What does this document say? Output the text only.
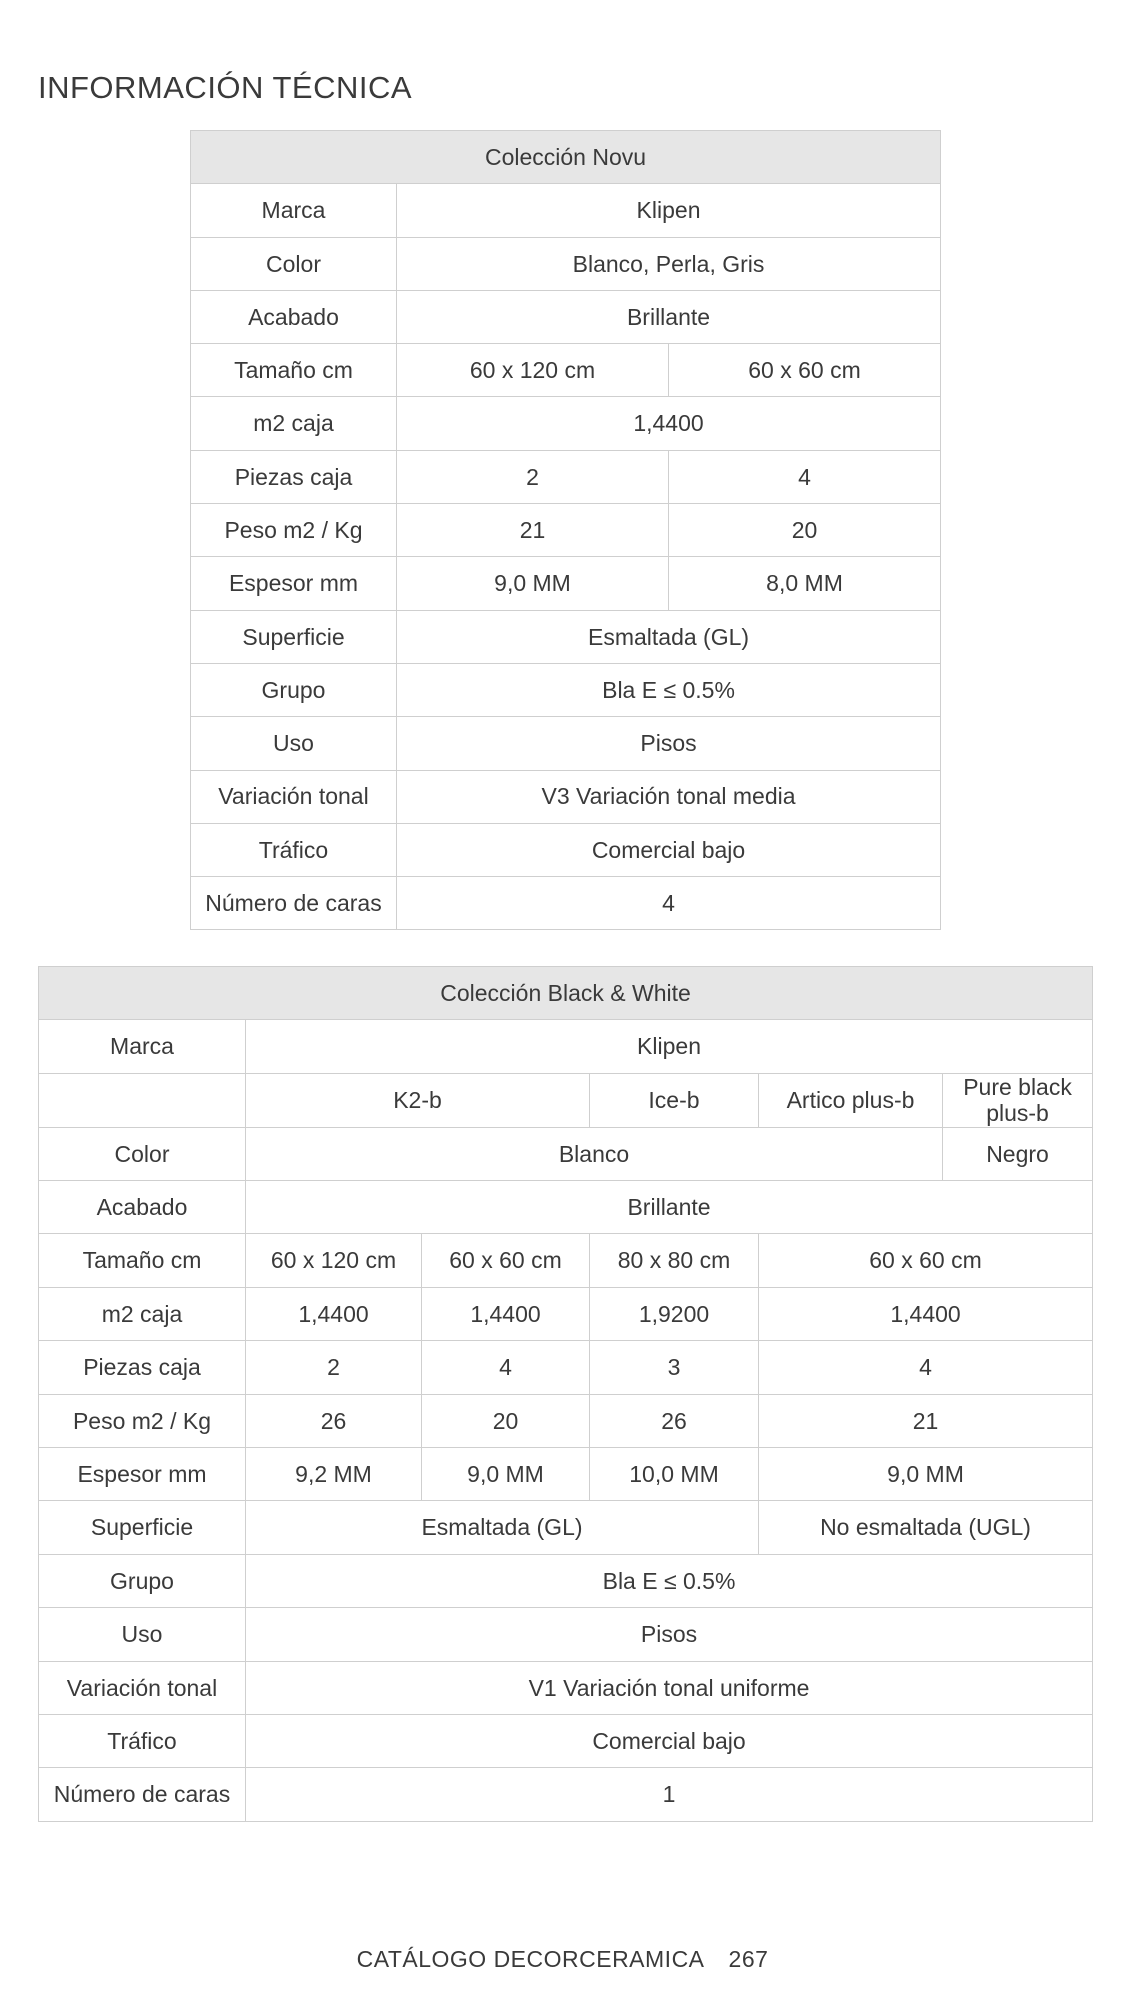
INFORMACIÓN TÉCNICA
Colección Novu		
Marca	Klipen	
Color	Blanco, Perla, Gris	
Acabado	Brillante	
Tamaño cm	60 x 120 cm	60 x 60 cm
m2 caja	1,4400	
Piezas caja	2	4
Peso m2 / Kg	21	20
Espesor mm	9,0 MM	8,0 MM
Superficie	Esmaltada (GL)	
Grupo	Bla E ≤ 0.5%	
Uso	Pisos	
Variación tonal	V3 Variación tonal media	
Tráfico	Comercial bajo	
Número de caras	4	
Colección Black & White					
Marca	Klipen				
	K2-b		Ice-b	Artico plus-b	Pure black plus-b
Color	Blanco				Negro
Acabado	Brillante				
Tamaño cm	60 x 120 cm	60 x 60 cm	80 x 80 cm	60 x 60 cm	
m2 caja	1,4400	1,4400	1,9200	1,4400	
Piezas caja	2	4	3	4	
Peso m2 / Kg	26	20	26	21	
Espesor mm	9,2 MM	9,0 MM	10,0 MM	9,0 MM	
Superficie	Esmaltada (GL)			No esmaltada (UGL)	
Grupo	Bla E ≤ 0.5%				
Uso	Pisos				
Variación tonal	V1 Variación tonal uniforme				
Tráfico	Comercial bajo				
Número de caras	1				
CATÁLOGO DECORCERAMICA 267
